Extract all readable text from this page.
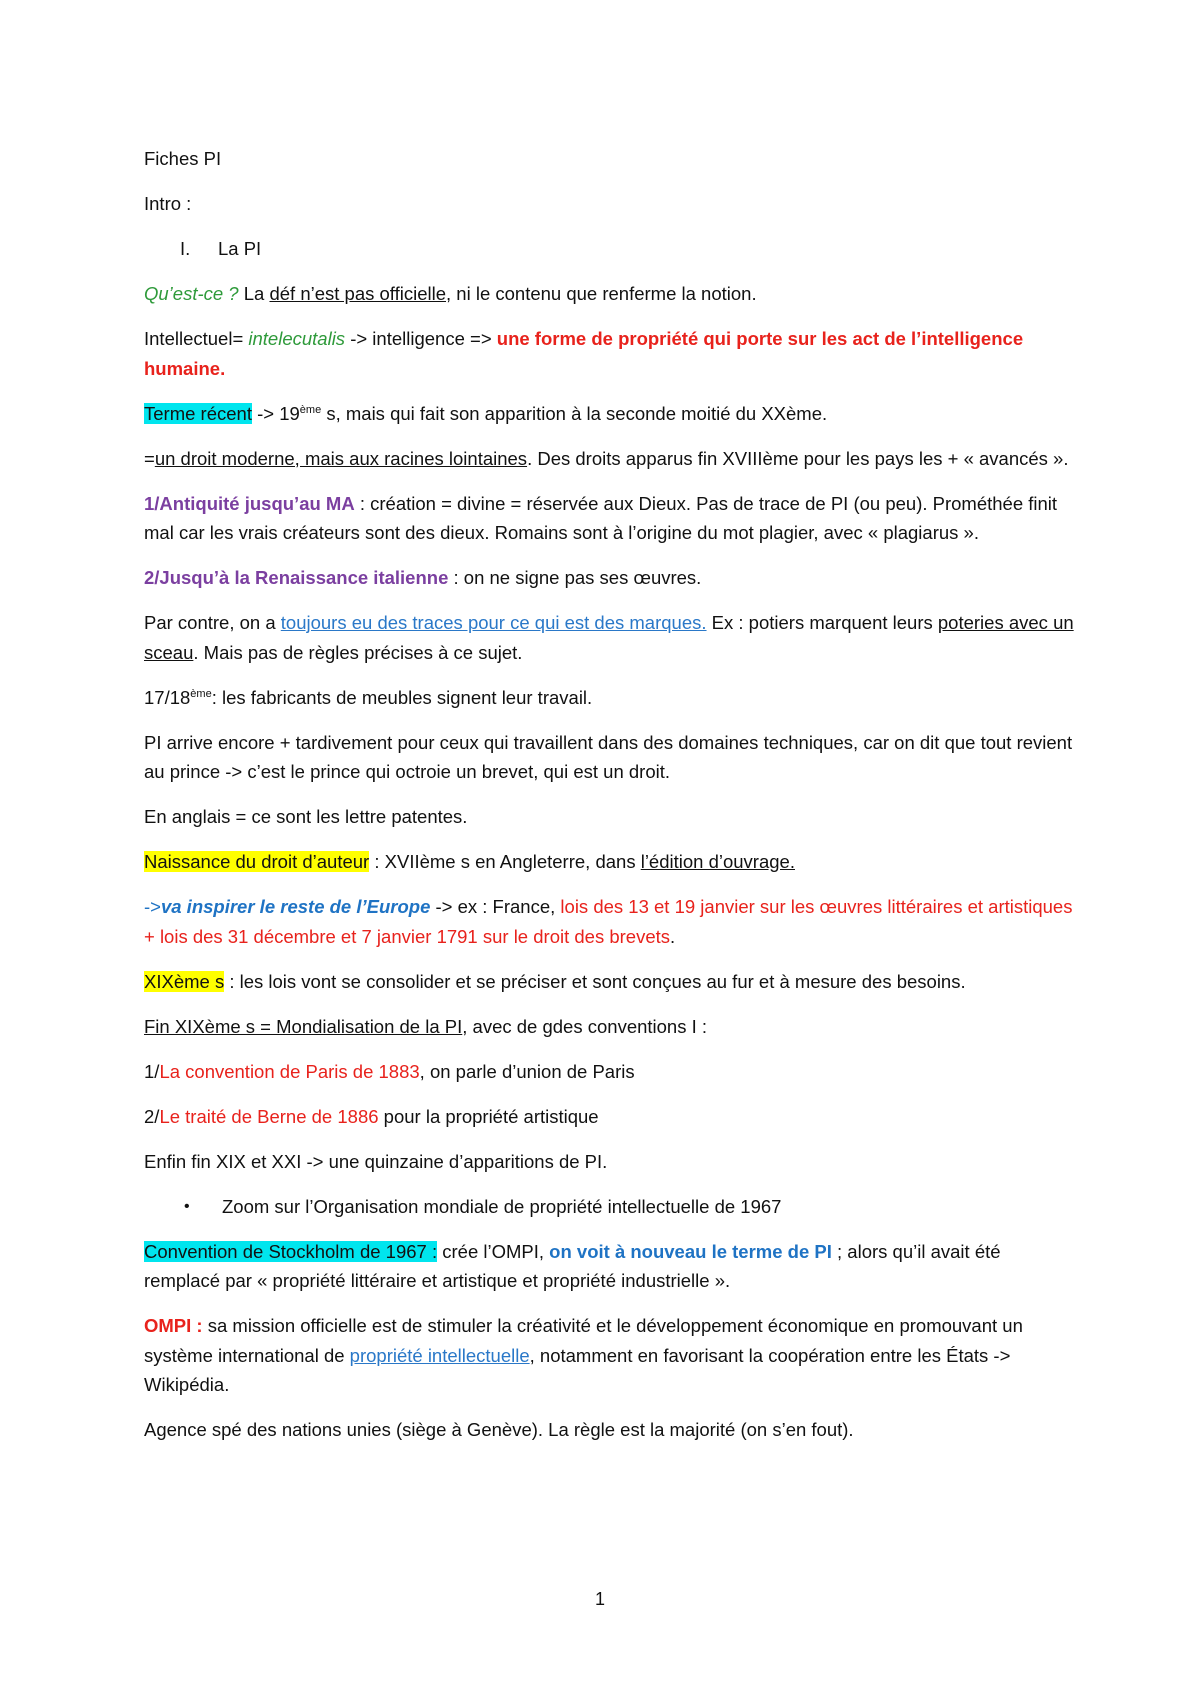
Fiches PI

Intro :

I.	La PI

Qu’est-ce ? La déf n’est pas officielle, ni le contenu que renferme la notion.

Intellectuel= intelecutalis -> intelligence => une forme de propriété qui porte sur les act de l’intelligence humaine.

Terme récent -> 19ème s, mais qui fait son apparition à la seconde moitié du XXème.

=un droit moderne, mais aux racines lointaines. Des droits apparus fin XVIIIème pour les pays les + « avancés ».

1/Antiquité jusqu’au MA : création = divine = réservée aux Dieux. Pas de trace de PI (ou peu). Prométhée finit mal car les vrais créateurs sont des dieux. Romains sont à l’origine du mot plagier, avec « plagiarus ».

2/Jusqu’à la Renaissance italienne : on ne signe pas ses œuvres.

Par contre, on a toujours eu des traces pour ce qui est des marques. Ex : potiers marquent leurs poteries avec un sceau. Mais pas de règles précises à ce sujet.

17/18ème: les fabricants de meubles signent leur travail.

PI arrive encore + tardivement pour ceux qui travaillent dans des domaines techniques, car on dit que tout revient au prince -> c’est le prince qui octroie un brevet, qui est un droit.

En anglais = ce sont les lettre patentes.

Naissance du droit d’auteur : XVIIème s en Angleterre, dans l’édition d’ouvrage.

->va inspirer le reste de l’Europe -> ex : France, lois des 13 et 19 janvier sur les œuvres littéraires et artistiques + lois des 31 décembre et 7 janvier 1791 sur le droit des brevets.

XIXème s : les lois vont se consolider et se préciser et sont conçues au fur et à mesure des besoins.

Fin XIXème s = Mondialisation de la PI, avec de gdes conventions I :

1/La convention de Paris de 1883, on parle d’union de Paris

2/Le traité de Berne de 1886 pour la propriété artistique

Enfin fin XIX et XXI -> une quinzaine d’apparitions de PI.

•	Zoom sur l’Organisation mondiale de propriété intellectuelle de 1967

Convention de Stockholm de 1967 : crée l’OMPI, on voit à nouveau le terme de PI ; alors qu’il avait été remplacé par « propriété littéraire et artistique et propriété industrielle ».

OMPI : sa mission officielle est de stimuler la créativité et le développement économique en promouvant un système international de propriété intellectuelle, notamment en favorisant la coopération entre les États -> Wikipédia.

Agence spé des nations unies (siège à Genève). La règle est la majorité (on s’en fout).

1
